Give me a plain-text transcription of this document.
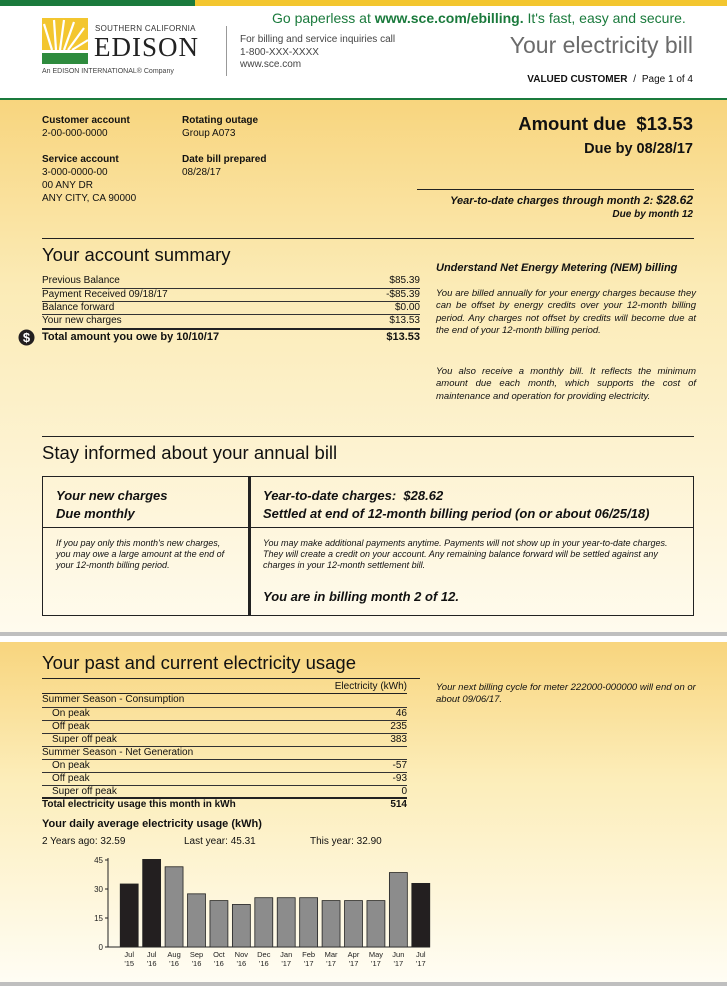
SOUTHERN CALIFORNIA
EDISON
An EDISON INTERNATIONAL® Company
For billing and service inquiries call
1-800-XXX-XXXX
www.sce.com
Go paperless at www.sce.com/ebilling. It's fast, easy and secure.
Your electricity bill
VALUED CUSTOMER / Page 1 of 4
Customer account
2-00-000-0000
Rotating outage
Group A073
Service account
3-000-0000-00
00 ANY DR
ANY CITY, CA 90000
Date bill prepared
08/28/17
Amount due $13.53
Due by 08/28/17
Year-to-date charges through month 2: $28.62
Due by month 12
Your account summary
Previous Balance	$85.39
Payment Received 09/18/17	-$85.39
Balance forward	$0.00
Your new charges	$13.53
Total amount you owe by 10/10/17	$13.53
$
Understand Net Energy Metering (NEM) billing
You are billed annually for your energy charges because they can be offset by energy credits over your 12-month billing period. Any charges not offset by credits will become due at the end of your 12-month billing period.
You also receive a monthly bill. It reflects the minimum amount due each month, which supports the cost of maintenance and operation for providing electricity.
Stay informed about your annual bill
Your new charges
Due monthly
If you pay only this month's new charges, you may owe a large amount at the end of your 12-month billing period.
Year-to-date charges: $28.62
Settled at end of 12-month billing period (on or about 06/25/18)
You may make additional payments anytime. Payments will not show up in your year-to-date charges. They will create a credit on your account. Any remaining balance forward will be settled against any charges in your 12-month settlement bill.
You are in billing month 2 of 12.
Your past and current electricity usage
Electricity (kWh)
Summer Season - Consumption
On peak	46
Off peak	235
Super off peak	383
Summer Season - Net Generation
On peak	-57
Off peak	-93
Super off peak	0
Total electricity usage this month in kWh	514
Your next billing cycle for meter 222000-000000 will end on or about 09/06/17.
Your daily average electricity usage (kWh)
2 Years ago: 32.59	Last year: 45.31	This year: 32.90
0
15
30
45
Jul
'15
Jul
'16
Aug
'16
Sep
'16
Oct
'16
Nov
'16
Dec
'16
Jan
'17
Feb
'17
Mar
'17
Apr
'17
May
'17
Jun
'17
Jul
'17
